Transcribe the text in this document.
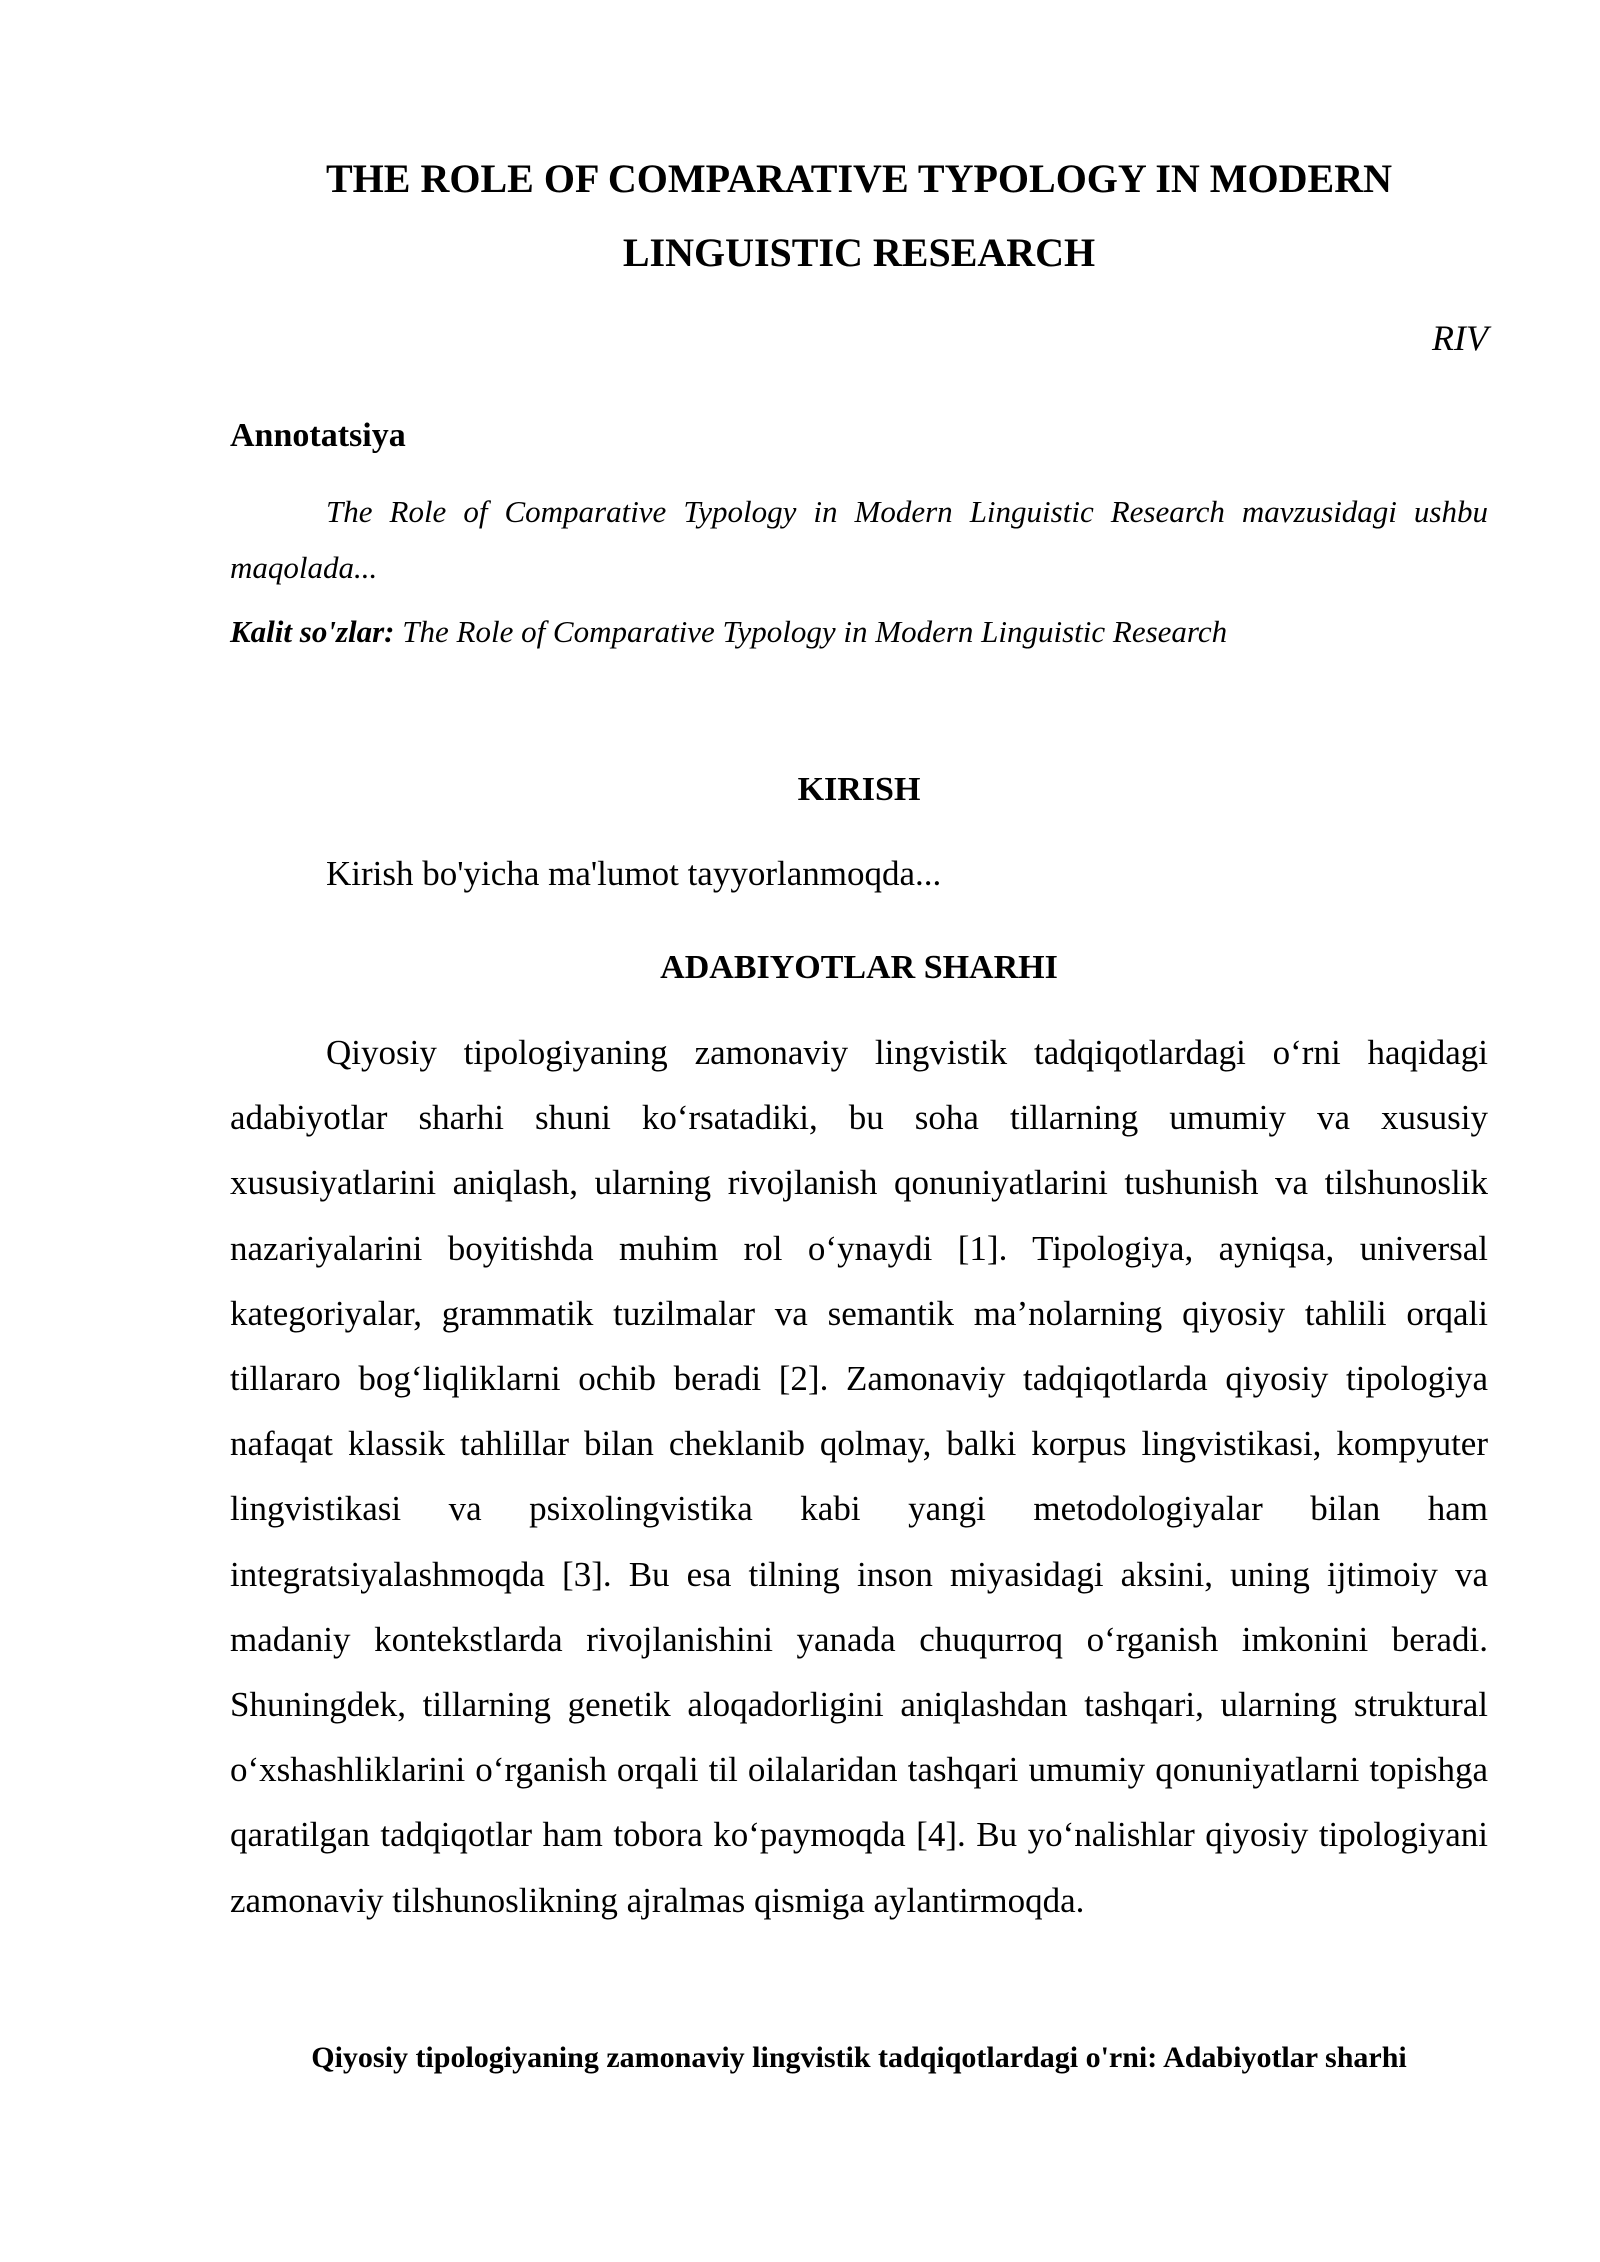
THE ROLE OF COMPARATIVE TYPOLOGY IN MODERN
LINGUISTIC RESEARCH

RIV

Annotatsiya

The Role of Comparative Typology in Modern Linguistic Research mavzusidagi ushbu maqolada...

Kalit so'zlar: The Role of Comparative Typology in Modern Linguistic Research

KIRISH

Kirish bo'yicha ma'lumot tayyorlanmoqda...

ADABIYOTLAR SHARHI

Qiyosiy tipologiyaning zamonaviy lingvistik tadqiqotlardagi o‘rni haqidagi adabiyotlar sharhi shuni ko‘rsatadiki, bu soha tillarning umumiy va xususiy xususiyatlarini aniqlash, ularning rivojlanish qonuniyatlarini tushunish va tilshunoslik nazariyalarini boyitishda muhim rol o‘ynaydi [1]. Tipologiya, ayniqsa, universal kategoriyalar, grammatik tuzilmalar va semantik ma’nolarning qiyosiy tahlili orqali tillararo bog‘liqliklarni ochib beradi [2]. Zamonaviy tadqiqotlarda qiyosiy tipologiya nafaqat klassik tahlillar bilan cheklanib qolmay, balki korpus lingvistikasi, kompyuter lingvistikasi va psixolingvistika kabi yangi metodologiyalar bilan ham integratsiyalashmoqda [3]. Bu esa tilning inson miyasidagi aksini, uning ijtimoiy va madaniy kontekstlarda rivojlanishini yanada chuqurroq o‘rganish imkonini beradi. Shuningdek, tillarning genetik aloqadorligini aniqlashdan tashqari, ularning struktural o‘xshashliklarini o‘rganish orqali til oilalaridan tashqari umumiy qonuniyatlarni topishga qaratilgan tadqiqotlar ham tobora ko‘paymoqda [4]. Bu yo‘nalishlar qiyosiy tipologiyani zamonaviy tilshunoslikning ajralmas qismiga aylantirmoqda.

Qiyosiy tipologiyaning zamonaviy lingvistik tadqiqotlardagi o'rni: Adabiyotlar sharhi
